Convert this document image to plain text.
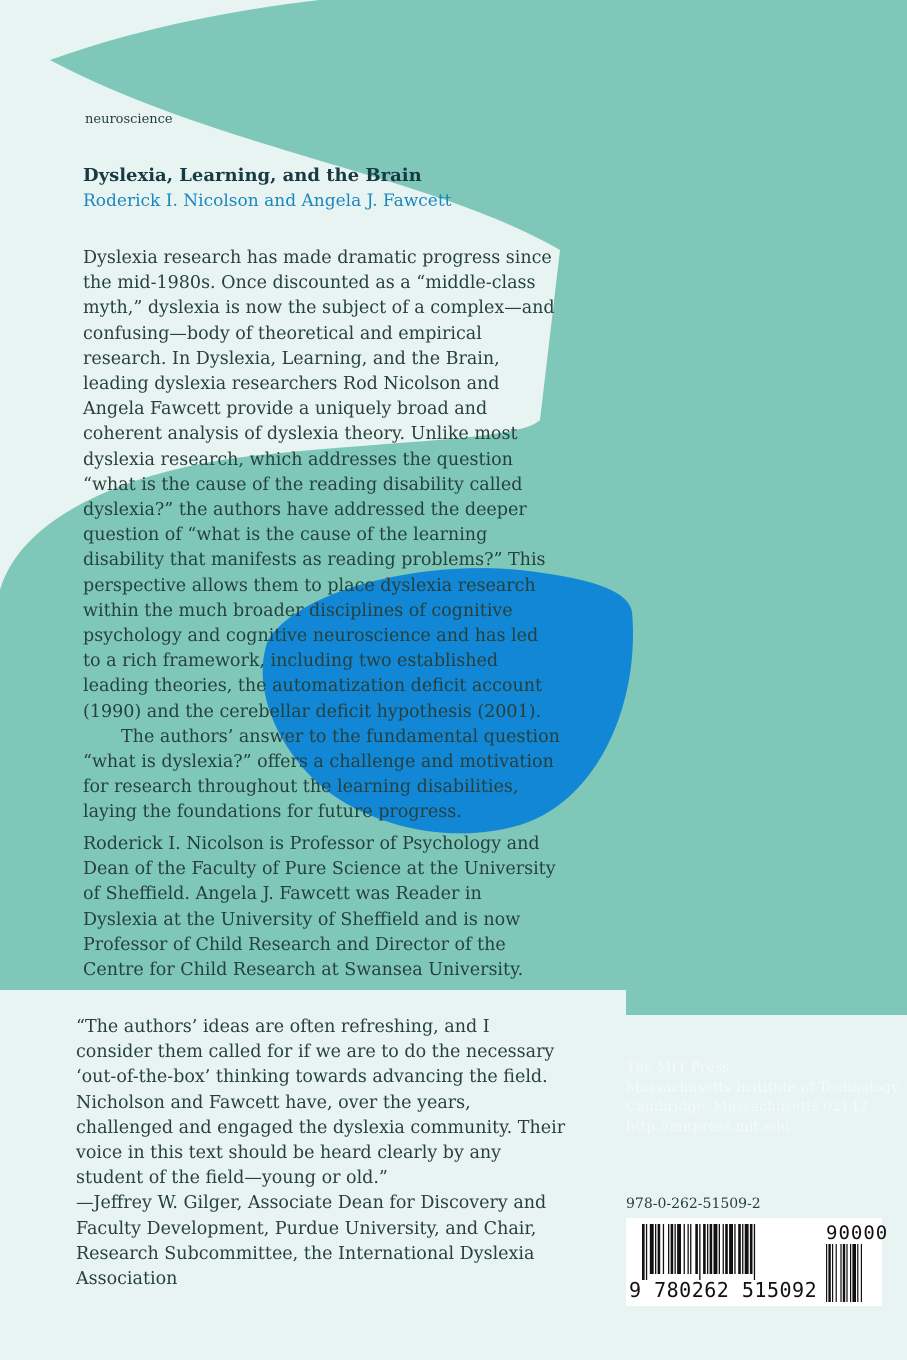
neuroscience
Dyslexia, Learning, and the Brain
Roderick I. Nicolson and Angela J. Fawcett

Dyslexia research has made dramatic progress since the mid-1980s. Once discounted as a “middle-class myth,” dyslexia is now the subject of a complex—and confusing—body of theoretical and empirical research. In Dyslexia, Learning, and the Brain, leading dyslexia researchers Rod Nicolson and Angela Fawcett provide a uniquely broad and coherent analysis of dyslexia theory. Unlike most dyslexia research, which addresses the question “what is the cause of the reading disability called dyslexia?” the authors have addressed the deeper question of “what is the cause of the learning disability that manifests as reading problems?” This perspective allows them to place dyslexia research within the much broader disciplines of cognitive psychology and cognitive neuroscience and has led to a rich framework, including two established leading theories, the automatization deficit account (1990) and the cerebellar deficit hypothesis (2001).

The authors’ answer to the fundamental question “what is dyslexia?” offers a challenge and motivation for research throughout the learning disabilities, laying the foundations for future progress.

Roderick I. Nicolson is Professor of Psychology and Dean of the Faculty of Pure Science at the University of Sheffield. Angela J. Fawcett was Reader in Dyslexia at the University of Sheffield and is now Professor of Child Research and Director of the Centre for Child Research at Swansea University.

“The authors’ ideas are often refreshing, and I consider them called for if we are to do the necessary ‘out-of-the-box’ thinking towards advancing the field. Nicholson and Fawcett have, over the years, challenged and engaged the dyslexia community. Their voice in this text should be heard clearly by any student of the field—young or old.”

—Jeffrey W. Gilger, Associate Dean for Discovery and Faculty Development, Purdue University, and Chair, Research Subcommittee, the International Dyslexia Association

The MIT Press
Massachusetts Institute of Technology
Cambridge, Massachusetts 02142
http://mitpress.mit.edu
978-0-262-51509-2
90000
9 780262 515092
